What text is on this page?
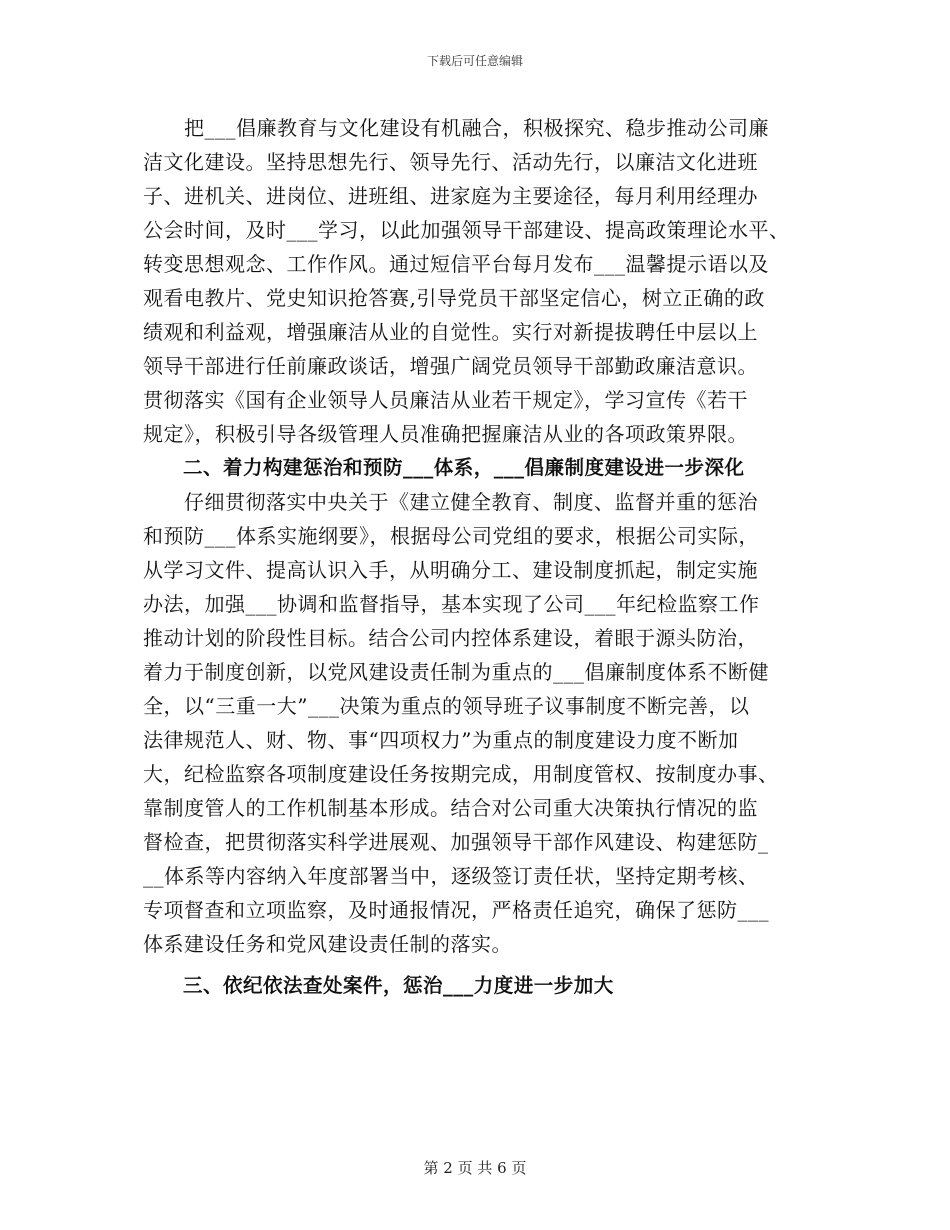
下载后可任意编辑
　　把___倡廉教育与文化建设有机融合，积极探究、稳步推动公司廉
洁文化建设。坚持思想先行、领导先行、活动先行，以廉洁文化进班
子、进机关、进岗位、进班组、进家庭为主要途径，每月利用经理办
公会时间，及时___学习，以此加强领导干部建设、提高政策理论水平、
转变思想观念、工作作风。通过短信平台每月发布___温馨提示语以及
观看电教片、党史知识抢答赛,引导党员干部坚定信心，树立正确的政
绩观和利益观，增强廉洁从业的自觉性。实行对新提拔聘任中层以上
领导干部进行任前廉政谈话，增强广阔党员领导干部勤政廉洁意识。
贯彻落实《国有企业领导人员廉洁从业若干规定》，学习宣传《若干
规定》，积极引导各级管理人员准确把握廉洁从业的各项政策界限。
　　二、着力构建惩治和预防___体系，___倡廉制度建设进一步深化
　　仔细贯彻落实中央关于《建立健全教育、制度、监督并重的惩治
和预防___体系实施纲要》，根据母公司党组的要求，根据公司实际，
从学习文件、提高认识入手，从明确分工、建设制度抓起，制定实施
办法，加强___协调和监督指导，基本实现了公司___年纪检监察工作
推动计划的阶段性目标。结合公司内控体系建设，着眼于源头防治，
着力于制度创新，以党风建设责任制为重点的___倡廉制度体系不断健
全，以“三重一大”___决策为重点的领导班子议事制度不断完善，以
法律规范人、财、物、事“四项权力”为重点的制度建设力度不断加
大，纪检监察各项制度建设任务按期完成，用制度管权、按制度办事、
靠制度管人的工作机制基本形成。结合对公司重大决策执行情况的监
督检查，把贯彻落实科学进展观、加强领导干部作风建设、构建惩防_
__体系等内容纳入年度部署当中，逐级签订责任状，坚持定期考核、
专项督查和立项监察，及时通报情况，严格责任追究，确保了惩防___
体系建设任务和党风建设责任制的落实。
　　三、依纪依法查处案件，惩治___力度进一步加大
第 2 页 共 6 页
